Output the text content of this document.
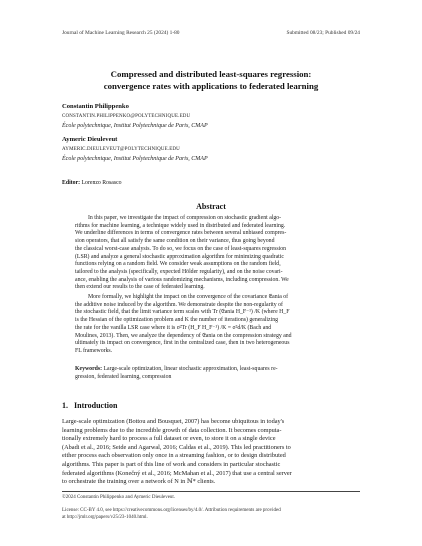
Journal of Machine Learning Research 25 (2024) 1-80	Submitted 08/23; Published 09/24
Compressed and distributed least-squares regression:
convergence rates with applications to federated learning
Constantin Philippenko
CONSTANTIN.PHILIPPENKO@POLYTECHNIQUE.EDU
École polytechnique, Institut Polytechnique de Paris, CMAP
Aymeric Dieuleveut
AYMERIC.DIEULEVEUT@POLYTECHNIQUE.EDU
École polytechnique, Institut Polytechnique de Paris, CMAP
Editor: Lorenzo Rosasco
Abstract
In this paper, we investigate the impact of compression on stochastic gradient algo-
rithms for machine learning, a technique widely used in distributed and federated learning.
We underline differences in terms of convergence rates between several unbiased compres-
sion operators, that all satisfy the same condition on their variance, thus going beyond
the classical worst-case analysis. To do so, we focus on the case of least-squares regression
(LSR) and analyze a general stochastic approximation algorithm for minimizing quadratic
functions relying on a random field. We consider weak assumptions on the random field,
tailored to the analysis (specifically, expected Hölder regularity), and on the noise covari-
ance, enabling the analysis of various randomizing mechanisms, including compression. We
then extend our results to the case of federated learning.
More formally, we highlight the impact on the convergence of the covariance 𝔈ania of
the additive noise induced by the algorithm. We demonstrate despite the non-regularity of
the stochastic field, that the limit variance term scales with Tr (𝔈ania H_F⁻¹) /K (where H_F
is the Hessian of the optimization problem and K the number of iterations) generalizing
the rate for the vanilla LSR case where it is σ²Tr (H_F H_F⁻¹) /K = σ²d/K (Bach and
Moulines, 2013). Then, we analyze the dependency of 𝔈ania on the compression strategy and
ultimately its impact on convergence, first in the centralized case, then in two heterogeneous
FL frameworks.
Keywords: Large-scale optimization, linear stochastic approximation, least-squares re-
gression, federated learning, compression
1. Introduction
Large-scale optimization (Bottou and Bousquet, 2007) has become ubiquitous in today's
learning problems due to the incredible growth of data collection. It becomes computa-
tionally extremely hard to process a full dataset or even, to store it on a single device
(Abadi et al., 2016; Seide and Agarwal, 2016; Caldas et al., 2019). This led practitioners to
either process each observation only once in a streaming fashion, or to design distributed
algorithms. This paper is part of this line of work and considers in particular stochastic
federated algorithms (Konečný et al., 2016; McMahan et al., 2017) that use a central server
to orchestrate the training over a network of N in ℕ* clients.
©2024 Constantin Philippenko and Aymeric Dieuleveut.
License: CC-BY 4.0, see https://creativecommons.org/licenses/by/4.0/. Attribution requirements are provided
at http://jmlr.org/papers/v25/23-1040.html.
